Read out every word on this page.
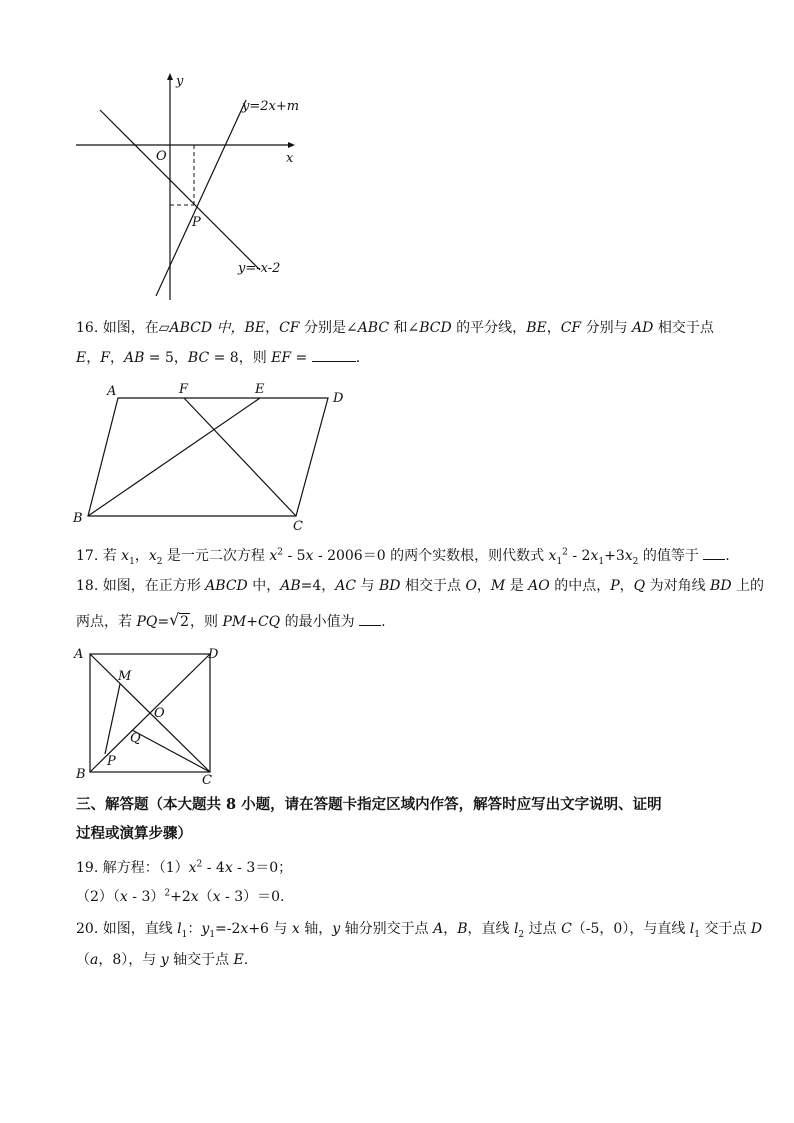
y
x
O
P
y=2x+m
y=-x-2
16. 如图，在▱ABCD 中，BE，CF 分别是∠ABC 和∠BCD 的平分线，BE，CF 分别与 AD 相交于点
E，F，AB = 5，BC = 8，则 EF =	.
A	F	E
D
B
C
17. 若 $x_1$，$x_2$ 是一元二次方程 $x^2 - 5x - 2006=0$ 的两个实数根，则代数式 $x_1^2 - 2x_1+3x_2$ 的值等于 .
18. 如图，在正方形 ABCD 中，AB=4，AC 与 BD 相交于点 O，M 是 AO 的中点，P，Q 为对角线 BD 上的
两点，若 PQ=√ 2，则 PM+CQ 的最小值为 .
A	D
M
O
Q
P
B	C
三、解答题（本大题共 8 小题，请在答题卡指定区域内作答，解答时应写出文字说明、证明
过程或演算步骤）
19. 解方程：$(1)x^2 - 4x - 3=0$；
（2）（x - 3）$^2$+2x（x - 3）＝0.
20. 如图，直线 $l_1$：$y_1=-2x+6$ 与 x 轴，y 轴分别交于点 A，B，直线 $l_2$ 过点 C（-5，0），与直线 $l_1$ 交于点 D
（a，8），与 y 轴交于点 E.
